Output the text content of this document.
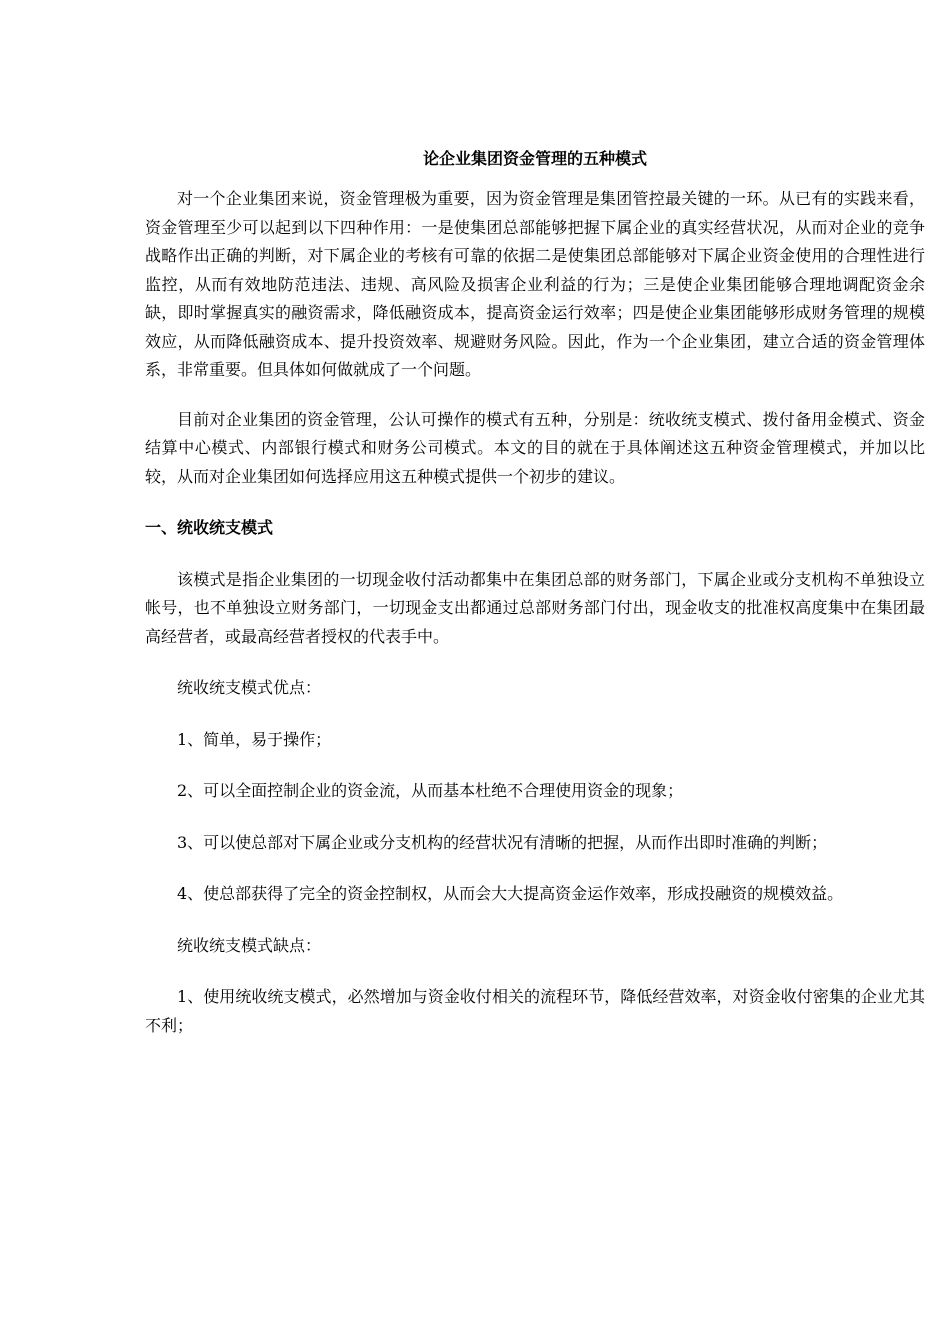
论企业集团资金管理的五种模式

对一个企业集团来说，资金管理极为重要，因为资金管理是集团管控最关键的一环。从已有的实践来看，资金管理至少可以起到以下四种作用：一是使集团总部能够把握下属企业的真实经营状况，从而对企业的竞争战略作出正确的判断，对下属企业的考核有可靠的依据二是使集团总部能够对下属企业资金使用的合理性进行监控，从而有效地防范违法、违规、高风险及损害企业利益的行为；三是使企业集团能够合理地调配资金余缺，即时掌握真实的融资需求，降低融资成本，提高资金运行效率；四是使企业集团能够形成财务管理的规模效应，从而降低融资成本、提升投资效率、规避财务风险。因此，作为一个企业集团，建立合适的资金管理体系，非常重要。但具体如何做就成了一个问题。

目前对企业集团的资金管理，公认可操作的模式有五种，分别是：统收统支模式、拨付备用金模式、资金结算中心模式、内部银行模式和财务公司模式。本文的目的就在于具体阐述这五种资金管理模式，并加以比较，从而对企业集团如何选择应用这五种模式提供一个初步的建议。

一、统收统支模式

该模式是指企业集团的一切现金收付活动都集中在集团总部的财务部门，下属企业或分支机构不单独设立帐号，也不单独设立财务部门，一切现金支出都通过总部财务部门付出，现金收支的批准权高度集中在集团最高经营者，或最高经营者授权的代表手中。

统收统支模式优点：

1、简单，易于操作；

2、可以全面控制企业的资金流，从而基本杜绝不合理使用资金的现象；

3、可以使总部对下属企业或分支机构的经营状况有清晰的把握，从而作出即时准确的判断；

4、使总部获得了完全的资金控制权，从而会大大提高资金运作效率，形成投融资的规模效益。

统收统支模式缺点：

1、使用统收统支模式，必然增加与资金收付相关的流程环节，降低经营效率，对资金收付密集的企业尤其不利；
